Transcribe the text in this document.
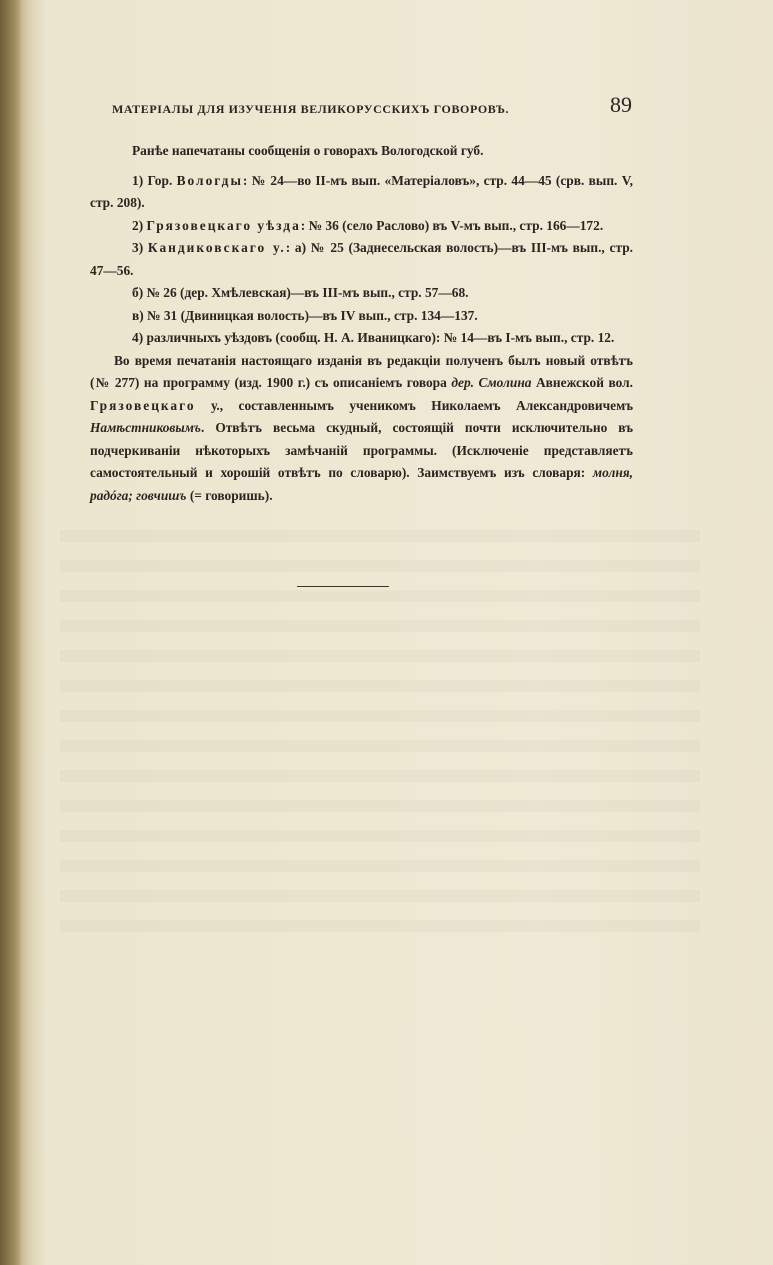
МАТЕРІАЛЫ ДЛЯ ИЗУЧЕНІЯ ВЕЛИКОРУССКИХЪ ГОВОРОВЪ.	89

Ранѣе напечатаны сообщенія о говорахъ Вологодской губ.

1) Гор. Вологды: № 24—во II-мъ вып. «Матеріаловъ», стр. 44—45 (срв. вып. V, стр. 208).

2) Грязовецкаго уѣзда: № 36 (село Раслово) въ V-мъ вып., стр. 166—172.

3) Кандиковскаго у.: а) № 25 (Заднесельская волость)—въ III-мъ вып., стр. 47—56.

б) № 26 (дер. Хмѣлевская)—въ III-мъ вып., стр. 57—68.

в) № 31 (Двиницкая волость)—въ IV вып., стр. 134—137.

4) различныхъ уѣздовъ (сообщ. Н. А. Иваницкаго): № 14—въ I-мъ вып., стр. 12.

Во время печатанія настоящаго изданія въ редакціи полученъ былъ новый отвѣтъ (№ 277) на программу (изд. 1900 г.) съ описаніемъ говора дер. Смолина Авнежской вол. Грязовецкаго у., составленнымъ ученикомъ Николаемъ Александровичемъ Намѣстниковымъ. Отвѣтъ весьма скудный, состоящій почти исключительно въ подчеркиваніи нѣкоторыхъ замѣчаній программы. (Исключеніе представляетъ самостоятельный и хорошій отвѣтъ по словарю). Заимствуемъ изъ словаря: молня, радóга; говчишъ (= говоришь).
